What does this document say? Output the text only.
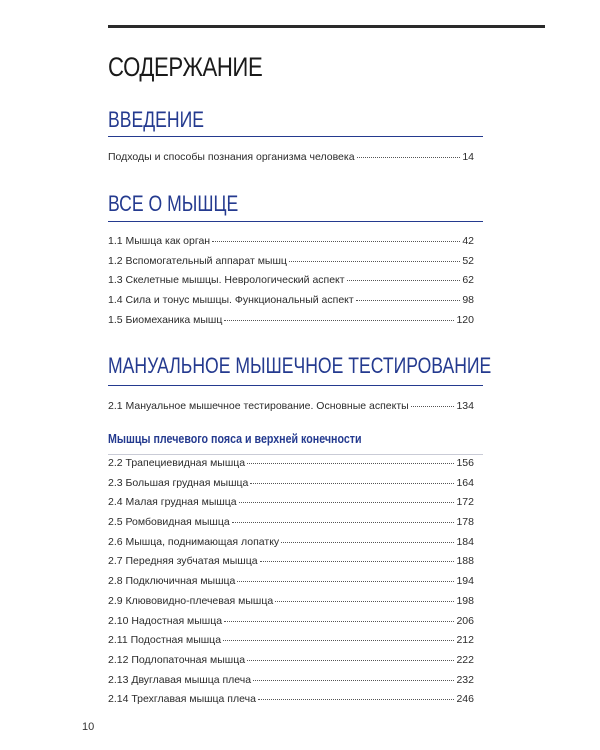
СОДЕРЖАНИЕ
ВВЕДЕНИЕ
Подходы и способы познания организма человека	14
ВСЕ О МЫШЦЕ
1.1 Мышца как орган	42
1.2 Вспомогательный аппарат мышц	52
1.3 Скелетные мышцы. Неврологический аспект	62
1.4 Сила и тонус мышцы. Функциональный аспект	98
1.5 Биомеханика мышц	120
МАНУАЛЬНОЕ МЫШЕЧНОЕ ТЕСТИРОВАНИЕ
2.1 Мануальное мышечное тестирование. Основные аспекты	134
Мышцы плечевого пояса и верхней конечности
2.2 Трапециевидная мышца	156
2.3 Большая грудная мышца	164
2.4 Малая грудная мышца	172
2.5 Ромбовидная мышца	178
2.6 Мышца, поднимающая лопатку	184
2.7 Передняя зубчатая мышца	188
2.8 Подключичная мышца	194
2.9 Клювовидно-плечевая мышца	198
2.10 Надостная мышца	206
2.11 Подостная мышца	212
2.12 Подлопаточная мышца	222
2.13 Двуглавая мышца плеча	232
2.14 Трехглавая мышца плеча	246
10
